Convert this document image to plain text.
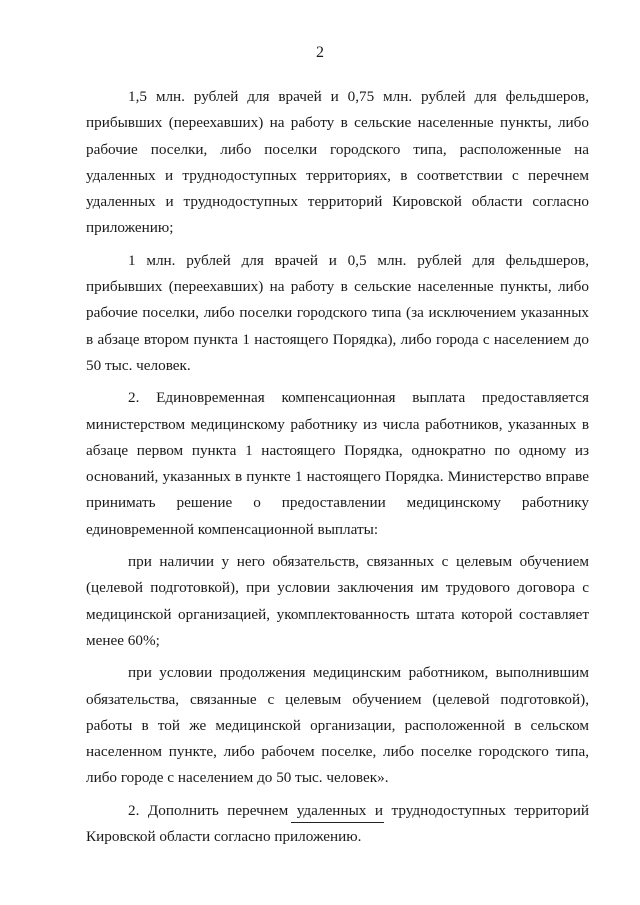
2

1,5 млн. рублей для врачей и 0,75 млн. рублей для фельдшеров, прибывших (переехавших) на работу в сельские населенные пункты, либо рабочие поселки, либо поселки городского типа, расположенные на удаленных и труднодоступных территориях, в соответствии с перечнем удаленных и труднодоступных территорий Кировской области согласно приложению;

1 млн. рублей для врачей и 0,5 млн. рублей для фельдшеров, прибывших (переехавших) на работу в сельские населенные пункты, либо рабочие поселки, либо поселки городского типа (за исключением указанных в абзаце втором пункта 1 настоящего Порядка), либо города с населением до 50 тыс. человек.

2. Единовременная компенсационная выплата предоставляется министерством медицинскому работнику из числа работников, указанных в абзаце первом пункта 1 настоящего Порядка, однократно по одному из оснований, указанных в пункте 1 настоящего Порядка. Министерство вправе принимать решение о предоставлении медицинскому работнику единовременной компенсационной выплаты:

при наличии у него обязательств, связанных с целевым обучением (целевой подготовкой), при условии заключения им трудового договора с медицинской организацией, укомплектованность штата которой составляет менее 60%;

при условии продолжения медицинским работником, выполнившим обязательства, связанные с целевым обучением (целевой подготовкой), работы в той же медицинской организации, расположенной в сельском населенном пункте, либо рабочем поселке, либо поселке городского типа, либо городе с населением до 50 тыс. человек».

2. Дополнить перечнем удаленных и труднодоступных территорий Кировской области согласно приложению.
